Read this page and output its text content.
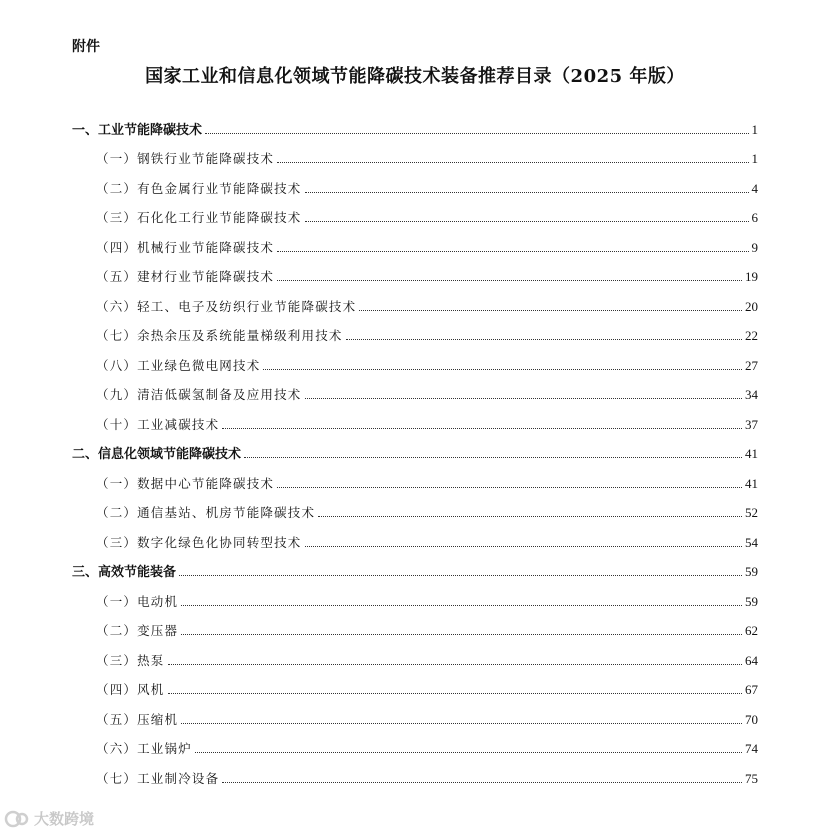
附件
国家工业和信息化领域节能降碳技术装备推荐目录（2025 年版）
一、工业节能降碳技术	1
（一）钢铁行业节能降碳技术	1
（二）有色金属行业节能降碳技术	4
（三）石化化工行业节能降碳技术	6
（四）机械行业节能降碳技术	9
（五）建材行业节能降碳技术	19
（六）轻工、电子及纺织行业节能降碳技术	20
（七）余热余压及系统能量梯级利用技术	22
（八）工业绿色微电网技术	27
（九）清洁低碳氢制备及应用技术	34
（十）工业减碳技术	37
二、信息化领域节能降碳技术	41
（一）数据中心节能降碳技术	41
（二）通信基站、机房节能降碳技术	52
（三）数字化绿色化协同转型技术	54
三、高效节能装备	59
（一）电动机	59
（二）变压器	62
（三）热泵	64
（四）风机	67
（五）压缩机	70
（六）工业锅炉	74
（七）工业制冷设备	75
大数跨境
